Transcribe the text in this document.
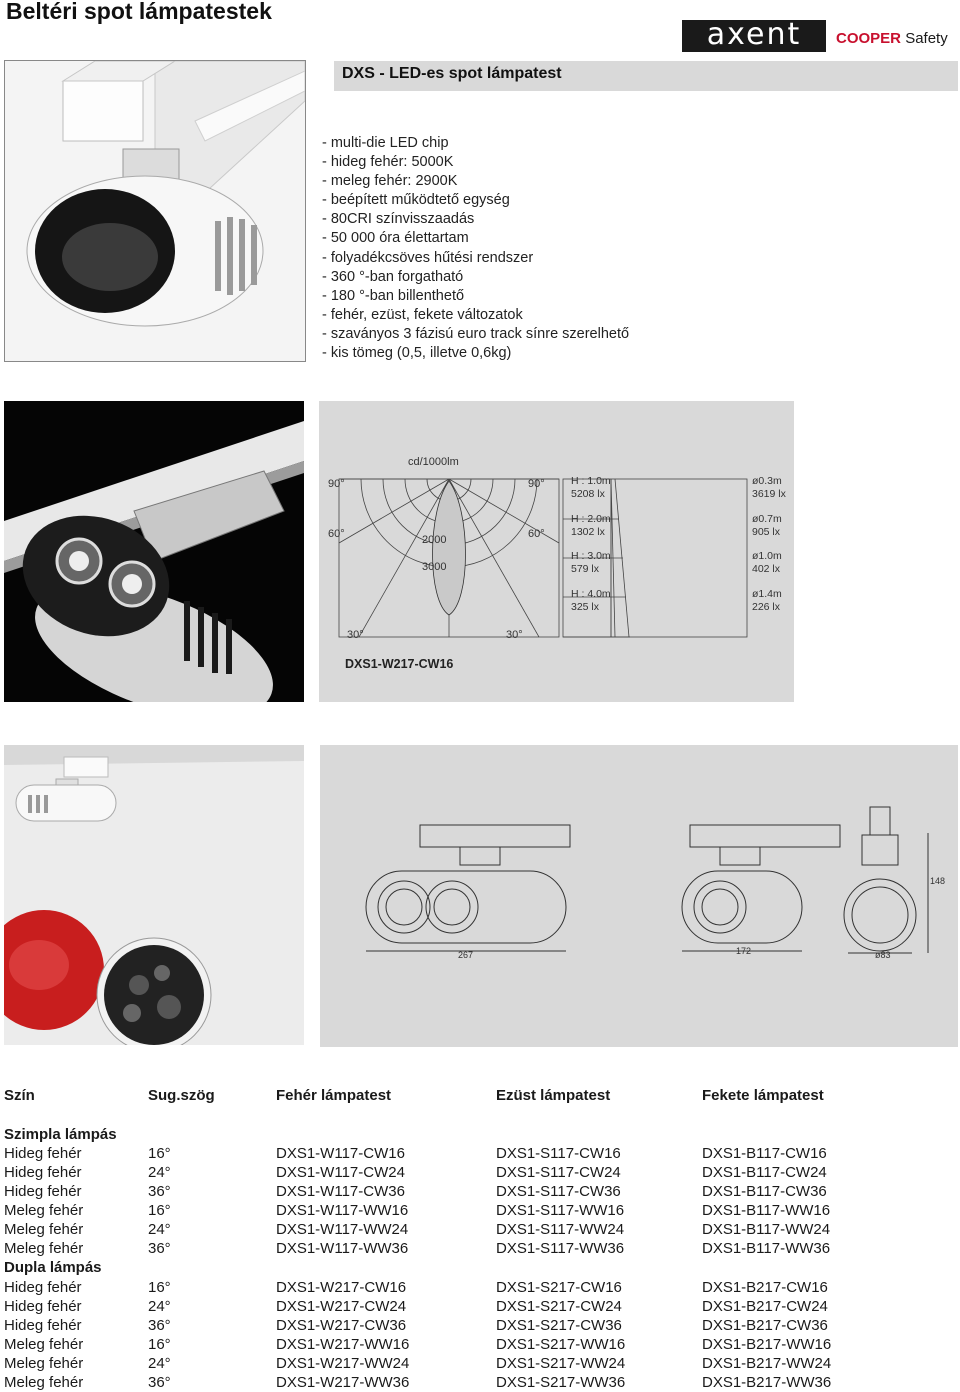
Beltéri spot lámpatestek
axent	COOPER Safety
DXS - LED-es spot lámpatest
- multi-die LED chip
- hideg fehér: 5000K
- meleg fehér: 2900K
- beépített működtető egység
- 80CRI színvisszaadás
- 50 000 óra élettartam
- folyadékcsöves hűtési rendszer
- 360 °-ban forgatható
- 180 °-ban billenthető
- fehér, ezüst, fekete változatok
- szaványos 3 fázisú euro track sínre szerelhető
- kis tömeg (0,5, illetve 0,6kg)
cd/1000lm
90°	90°
60°	60°
30°	30°
2000
3000
H : 1.0m
5208 lx
H : 2.0m
1302 lx
H : 3.0m
579 lx
H : 4.0m
325 lx
ø0.3m
3619 lx
ø0.7m
905 lx
ø1.0m
402 lx
ø1.4m
226 lx
DXS1-W217-CW16
267	172	ø83
148
Szín	Sug.szög	Fehér lámpatest	Ezüst lámpatest	Fekete lámpatest
Szimpla lámpás
Hideg fehér	16°	DXS1-W117-CW16	DXS1-S117-CW16	DXS1-B117-CW16
Hideg fehér	24°	DXS1-W117-CW24	DXS1-S117-CW24	DXS1-B117-CW24
Hideg fehér	36°	DXS1-W117-CW36	DXS1-S117-CW36	DXS1-B117-CW36
Meleg fehér	16°	DXS1-W117-WW16	DXS1-S117-WW16	DXS1-B117-WW16
Meleg fehér	24°	DXS1-W117-WW24	DXS1-S117-WW24	DXS1-B117-WW24
Meleg fehér	36°	DXS1-W117-WW36	DXS1-S117-WW36	DXS1-B117-WW36
Dupla lámpás
Hideg fehér	16°	DXS1-W217-CW16	DXS1-S217-CW16	DXS1-B217-CW16
Hideg fehér	24°	DXS1-W217-CW24	DXS1-S217-CW24	DXS1-B217-CW24
Hideg fehér	36°	DXS1-W217-CW36	DXS1-S217-CW36	DXS1-B217-CW36
Meleg fehér	16°	DXS1-W217-WW16	DXS1-S217-WW16	DXS1-B217-WW16
Meleg fehér	24°	DXS1-W217-WW24	DXS1-S217-WW24	DXS1-B217-WW24
Meleg fehér	36°	DXS1-W217-WW36	DXS1-S217-WW36	DXS1-B217-WW36
